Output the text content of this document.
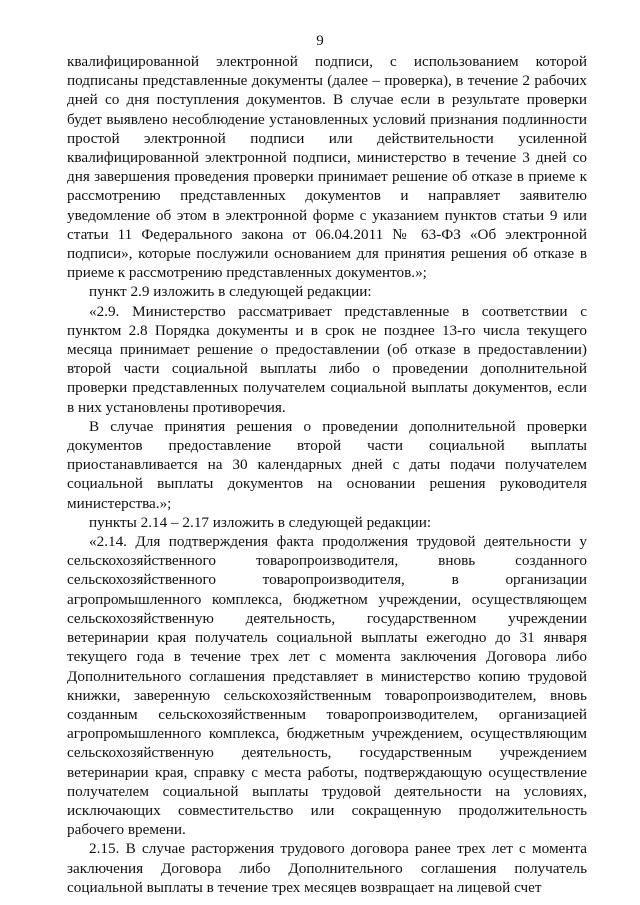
9

квалифицированной электронной подписи, с использованием которой подписаны представленные документы (далее – проверка), в течение 2 рабочих дней со дня поступления документов. В случае если в результате проверки будет выявлено несоблюдение установленных условий признания подлинности простой электронной подписи или действительности усиленной квалифицированной электронной подписи, министерство в течение 3 дней со дня завершения проведения проверки принимает решение об отказе в приеме к рассмотрению представленных документов и направляет заявителю уведомление об этом в электронной форме с указанием пунктов статьи 9 или статьи 11 Федерального закона от 06.04.2011 № 63-ФЗ «Об электронной подписи», которые послужили основанием для принятия решения об отказе в приеме к рассмотрению представленных документов.»;

пункт 2.9 изложить в следующей редакции:

«2.9. Министерство рассматривает представленные в соответствии с пунктом 2.8 Порядка документы и в срок не позднее 13-го числа текущего месяца принимает решение о предоставлении (об отказе в предоставлении) второй части социальной выплаты либо о проведении дополнительной проверки представленных получателем социальной выплаты документов, если в них установлены противоречия.

В случае принятия решения о проведении дополнительной проверки документов предоставление второй части социальной выплаты приостанавливается на 30 календарных дней с даты подачи получателем социальной выплаты документов на основании решения руководителя министерства.»;

пункты 2.14 – 2.17 изложить в следующей редакции:

«2.14. Для подтверждения факта продолжения трудовой деятельности у сельскохозяйственного товаропроизводителя, вновь созданного сельскохозяйственного товаропроизводителя, в организации агропромышленного комплекса, бюджетном учреждении, осуществляющем сельскохозяйственную деятельность, государственном учреждении ветеринарии края получатель социальной выплаты ежегодно до 31 января текущего года в течение трех лет с момента заключения Договора либо Дополнительного соглашения представляет в министерство копию трудовой книжки, заверенную сельскохозяйственным товаропроизводителем, вновь созданным сельскохозяйственным товаропроизводителем, организацией агропромышленного комплекса, бюджетным учреждением, осуществляющим сельскохозяйственную деятельность, государственным учреждением ветеринарии края, справку с места работы, подтверждающую осуществление получателем социальной выплаты трудовой деятельности на условиях, исключающих совместительство или сокращенную продолжительность рабочего времени.

2.15. В случае расторжения трудового договора ранее трех лет с момента заключения Договора либо Дополнительного соглашения получатель социальной выплаты в течение трех месяцев возвращает на лицевой счет
